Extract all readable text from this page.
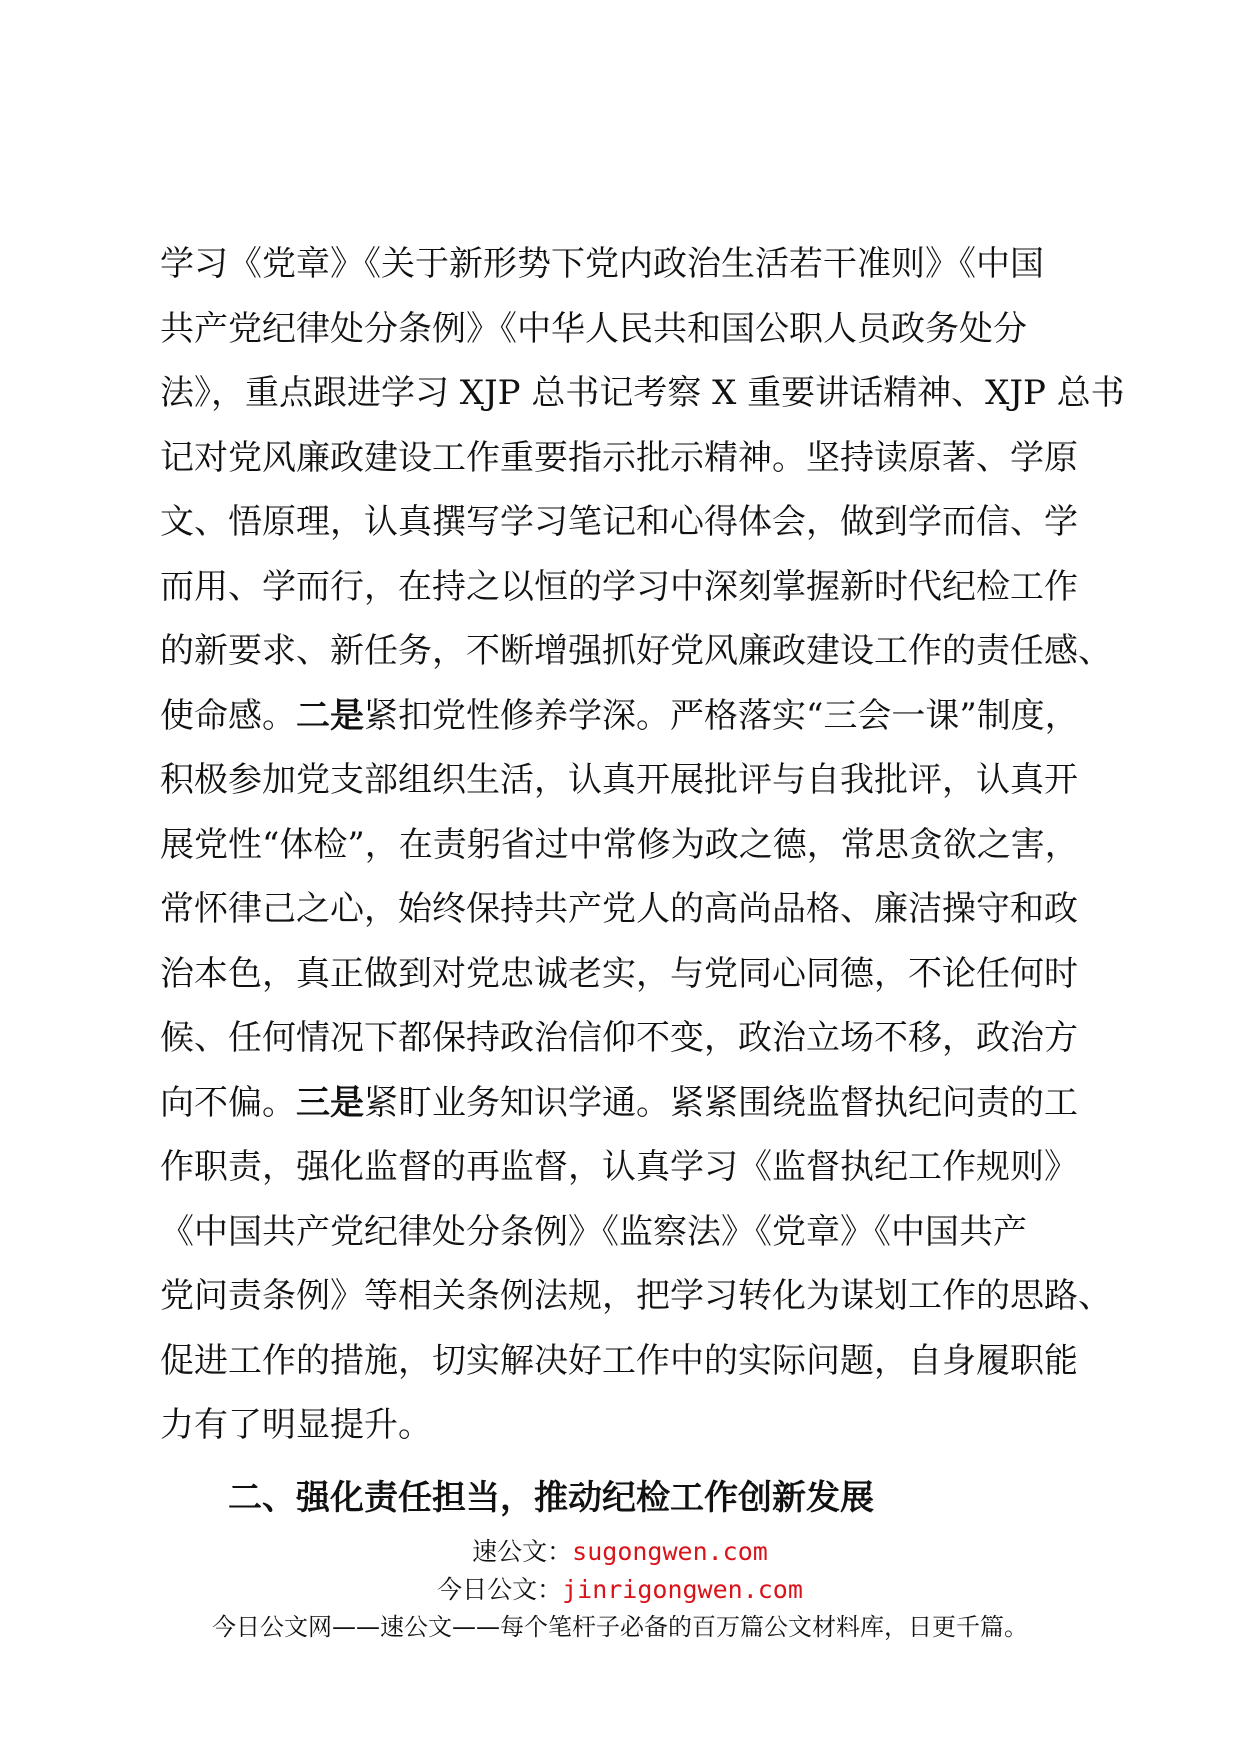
学习《党章》《关于新形势下党内政治生活若干准则》《中国
共产党纪律处分条例》《中华人民共和国公职人员政务处分
法》，重点跟进学习 XJP 总书记考察 X 重要讲话精神、XJP 总书
记对党风廉政建设工作重要指示批示精神。坚持读原著、学原
文、悟原理，认真撰写学习笔记和心得体会，做到学而信、学
而用、学而行，在持之以恒的学习中深刻掌握新时代纪检工作
的新要求、新任务，不断增强抓好党风廉政建设工作的责任感、
使命感。二是紧扣党性修养学深。严格落实“三会一课”制度，
积极参加党支部组织生活，认真开展批评与自我批评，认真开
展党性“体检”，在责躬省过中常修为政之德，常思贪欲之害，
常怀律己之心，始终保持共产党人的高尚品格、廉洁操守和政
治本色，真正做到对党忠诚老实，与党同心同德，不论任何时
候、任何情况下都保持政治信仰不变，政治立场不移，政治方
向不偏。三是紧盯业务知识学通。紧紧围绕监督执纪问责的工
作职责，强化监督的再监督，认真学习《监督执纪工作规则》
《中国共产党纪律处分条例》《监察法》《党章》《中国共产
党问责条例》等相关条例法规，把学习转化为谋划工作的思路、
促进工作的措施，切实解决好工作中的实际问题，自身履职能
力有了明显提升。
二、强化责任担当，推动纪检工作创新发展
速公文：sugongwen.com
今日公文：jinrigongwen.com
今日公文网——速公文——每个笔杆子必备的百万篇公文材料库，日更千篇。
